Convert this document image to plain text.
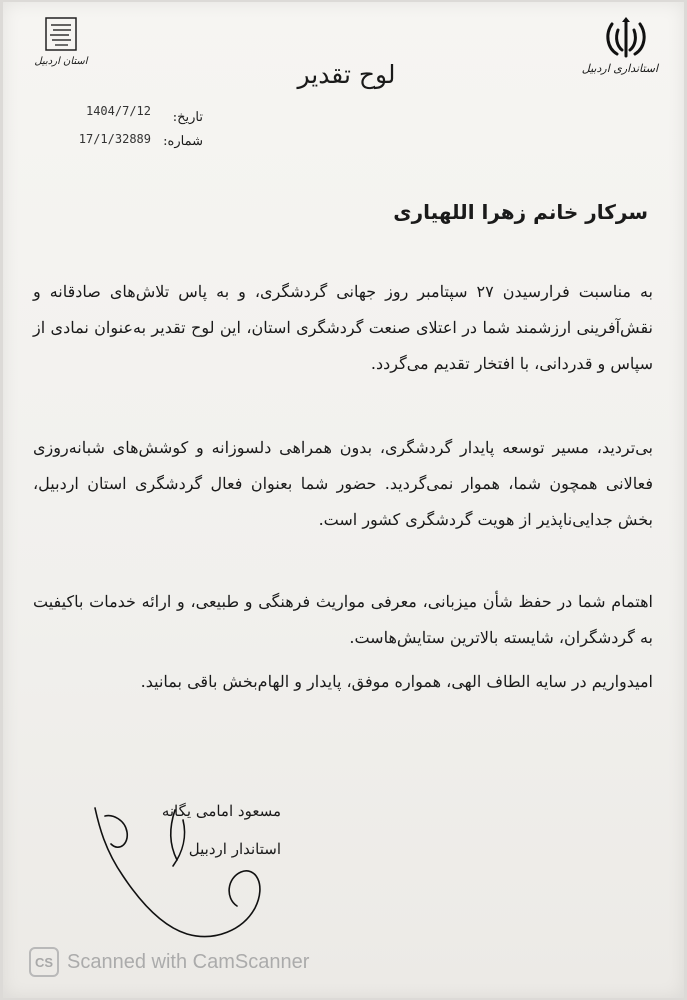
استانداری اردبیل
استان اردبیل	لوح تقدیر
1404/7/12
17/1/32889
تاریخ:
شماره:
سرکار خانم زهرا اللهیاری

به مناسبت فرارسیدن ۲۷ سپتامبر روز جهانی گردشگری، و به پاس تلاش‌های صادقانه و نقش‌آفرینی ارزشمند شما در اعتلای صنعت گردشگری استان، این لوح تقدیر به‌عنوان نمادی از سپاس و قدردانی، با افتخار تقدیم می‌گردد.

بی‌تردید، مسیر توسعه پایدار گردشگری، بدون همراهی دلسوزانه و کوشش‌های شبانه‌روزی فعالانی همچون شما، هموار نمی‌گردید. حضور شما بعنوان فعال گردشگری استان اردبیل، بخش جدایی‌ناپذیر از هویت گردشگری کشور است.

اهتمام شما در حفظ شأن میزبانی، معرفی مواریث فرهنگی و طبیعی، و ارائه خدمات باکیفیت به گردشگران، شایسته بالاترین ستایش‌هاست.

امیدواریم در سایه الطاف الهی، همواره موفق، پایدار و الهام‌بخش باقی بمانید.

مسعود امامی یگانه
استاندار اردبیل
CS Scanned with CamScanner
